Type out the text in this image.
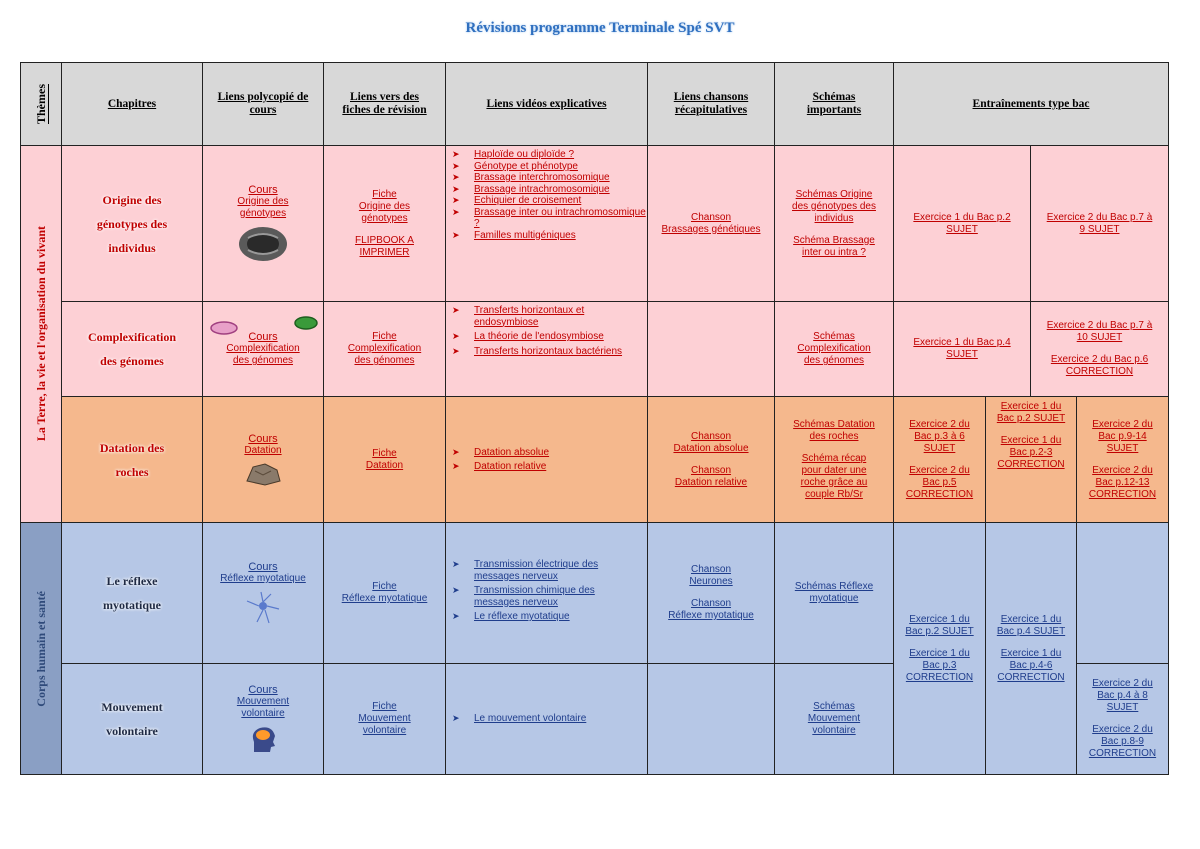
Révisions programme Terminale Spé SVT
Thèmes	Chapitres
Liens polycopié de cours
Liens vers des fiches de révision
Liens vidéos explicatives
Liens chansons récapitulatives
Schémas importants
Entraînements type bac
La Terre, la vie et l'organisation du vivant
Corps humain et santé
Origine des
génotypes des
individus
Cours
Origine des
génotypes
Fiche
Origine des
génotypes
FLIPBOOK A
IMPRIMER
➤ Haploïde ou diploïde ?
➤ Génotype et phénotype
➤ Brassage interchromosomique
➤ Brassage intrachromosomique
➤ Echiquier de croisement
➤ Brassage inter ou intrachromosomique ?
➤ Familles multigéniques
Chanson
Brassages génétiques
Schémas Origine
des génotypes des
individus
Schéma Brassage
inter ou intra ?
Exercice 1 du Bac p.2
SUJET
Exercice 2 du Bac p.7 à
9 SUJET
Complexification
des génomes
Cours
Complexification
des génomes
Fiche
Complexification
des génomes
➤ Transferts horizontaux et endosymbiose
➤ La théorie de l'endosymbiose
➤ Transferts horizontaux bactériens
Schémas
Complexification
des génomes
Exercice 1 du Bac p.4
SUJET
Exercice 2 du Bac p.7 à
10 SUJET
Exercice 2 du Bac p.6
CORRECTION
Datation des
roches
Cours
Datation	Fiche
Datation
➤ Datation absolue
➤ Datation relative
Chanson
Datation absolue
Chanson
Datation relative
Schémas Datation
des roches
Schéma récap
pour dater une
roche grâce au
couple Rb/Sr
Exercice 2 du
Bac p.3 à 6
SUJET
Exercice 2 du
Bac p.5
CORRECTION
Exercice 1 du
Bac p.2 SUJET
Exercice 1 du
Bac p.2-3
CORRECTION
Exercice 2 du
Bac p.9-14
SUJET
Exercice 2 du
Bac p.12-13
CORRECTION
Le réflexe
myotatique
Cours
Réflexe myotatique
Fiche
Réflexe myotatique
➤ Transmission électrique des messages nerveux
➤ Transmission chimique des messages nerveux
➤ Le réflexe myotatique
Chanson
Neurones
Chanson
Réflexe myotatique
Schémas Réflexe
myotatique
Exercice 1 du
Bac p.2 SUJET
Exercice 1 du
Bac p.3
CORRECTION
Exercice 1 du
Bac p.4 SUJET
Exercice 1 du
Bac p.4-6
CORRECTION
Mouvement
volontaire
Cours
Mouvement
volontaire
Fiche
Mouvement
volontaire
➤ Le mouvement volontaire
Schémas
Mouvement
volontaire
Exercice 2 du
Bac p.4 à 8
SUJET
Exercice 2 du
Bac p.8-9
CORRECTION
